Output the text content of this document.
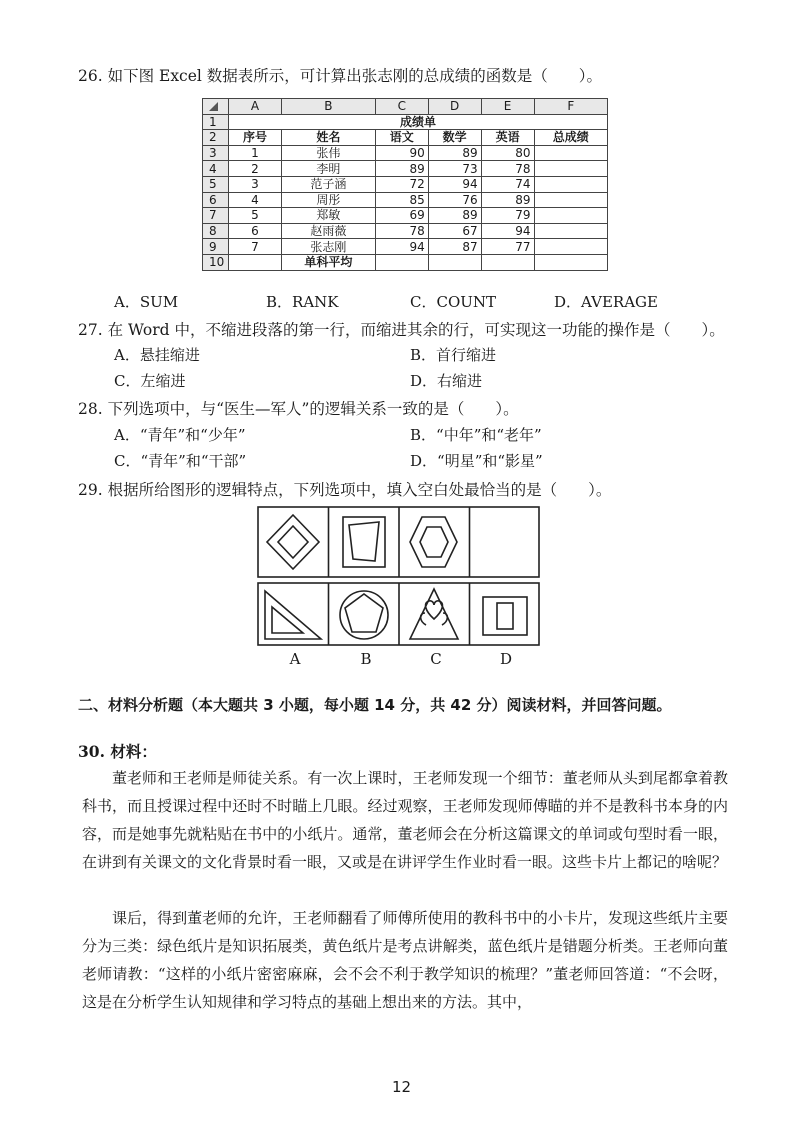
26. 如下图 Excel 数据表所示，可计算出张志刚的总成绩的函数是（　　）。
	A	B	C	D	E	F
1	成绩单					
2	序号	姓名	语文	数学	英语	总成绩
3	1	张伟	90	89	80	
4	2	李明	89	73	78	
5	3	范子涵	72	94	74	
6	4	周彤	85	76	89	
7	5	郑敏	69	89	79	
8	6	赵雨薇	78	67	94	
9	7	张志刚	94	87	77	
10		单科平均				
A．SUM	B．RANK	C．COUNT	D．AVERAGE
27. 在 Word 中，不缩进段落的第一行，而缩进其余的行，可实现这一功能的操作是（　　）。
A．悬挂缩进	B．首行缩进
C．左缩进	D．右缩进
28. 下列选项中，与“医生—军人”的逻辑关系一致的是（　　）。
A．“青年”和“少年”	B．“中年”和“老年”
C．“青年”和“干部”	D．“明星”和“影星”
29. 根据所给图形的逻辑特点，下列选项中，填入空白处最恰当的是（　　）。
A	B	C	D
二、材料分析题（本大题共 3 小题，每小题 14 分，共 42 分）阅读材料，并回答问题。
30. 材料：
董老师和王老师是师徒关系。有一次上课时，王老师发现一个细节：董老师从头到尾都拿着教科书，而且授课过程中还时不时瞄上几眼。经过观察，王老师发现师傅瞄的并不是教科书本身的内容，而是她事先就粘贴在书中的小纸片。通常，董老师会在分析这篇课文的单词或句型时看一眼，在讲到有关课文的文化背景时看一眼，又或是在讲评学生作业时看一眼。这些卡片上都记的啥呢？
课后，得到董老师的允许，王老师翻看了师傅所使用的教科书中的小卡片，发现这些纸片主要分为三类：绿色纸片是知识拓展类，黄色纸片是考点讲解类，蓝色纸片是错题分析类。王老师向董老师请教：“这样的小纸片密密麻麻，会不会不利于教学知识的梳理？”董老师回答道：“不会呀，这是在分析学生认知规律和学习特点的基础上想出来的方法。其中，
12
